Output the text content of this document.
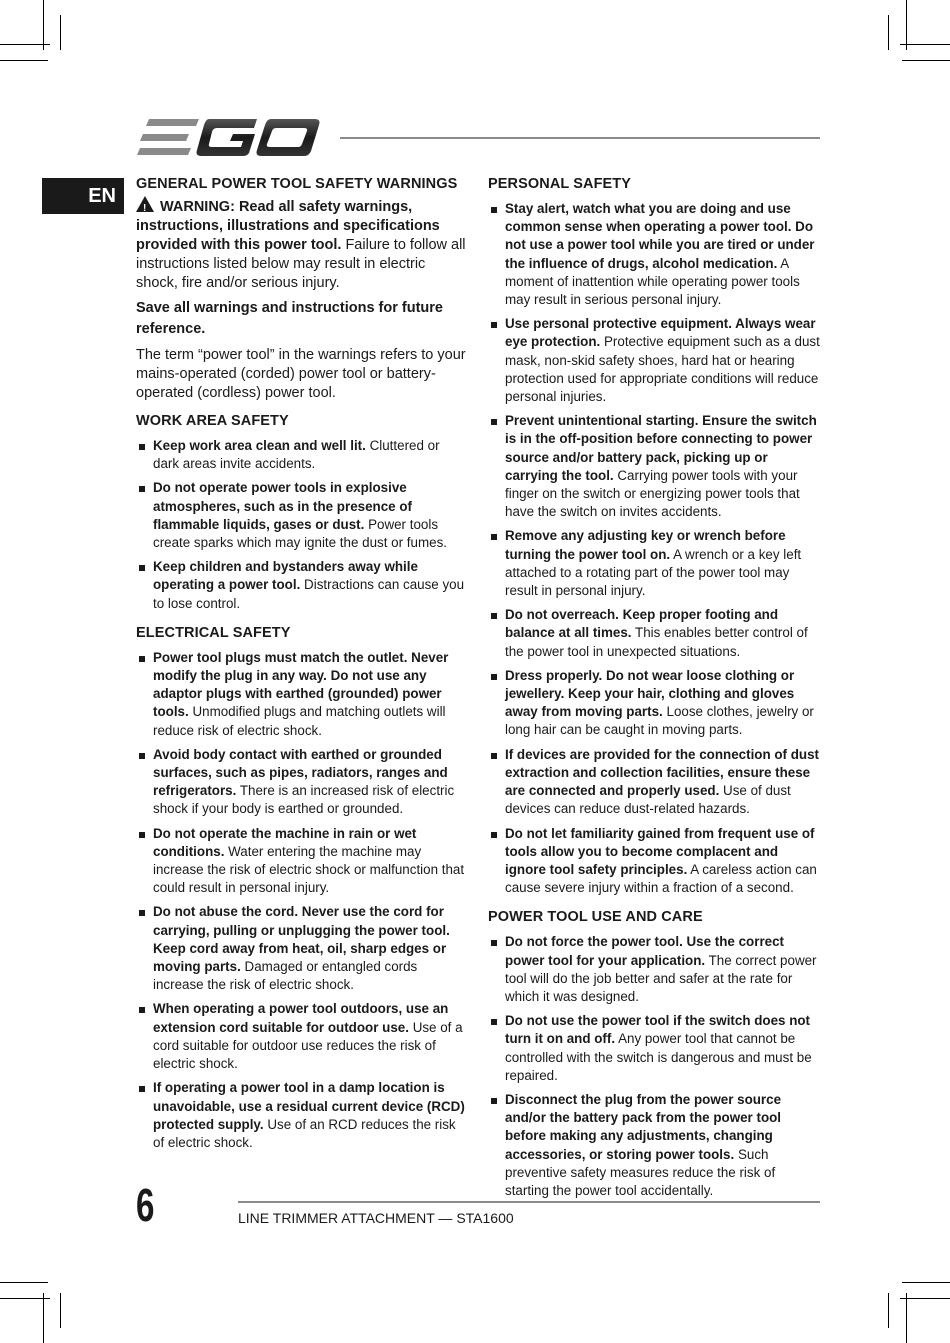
EN
GENERAL POWER TOOL SAFETY WARNINGS

! WARNING: Read all safety warnings, instructions, illustrations and specifications provided with this power tool. Failure to follow all instructions listed below may result in electric shock, fire and/or serious injury.

Save all warnings and instructions for future reference.

The term “power tool” in the warnings refers to your mains-operated (corded) power tool or battery-operated (cordless) power tool.

WORK AREA SAFETY
Keep work area clean and well lit. Cluttered or dark areas invite accidents.
Do not operate power tools in explosive atmospheres, such as in the presence of flammable liquids, gases or dust. Power tools create sparks which may ignite the dust or fumes.
Keep children and bystanders away while operating a power tool. Distractions can cause you to lose control.
ELECTRICAL SAFETY
Power tool plugs must match the outlet. Never modify the plug in any way. Do not use any adaptor plugs with earthed (grounded) power tools. Unmodified plugs and matching outlets will reduce risk of electric shock.
Avoid body contact with earthed or grounded surfaces, such as pipes, radiators, ranges and refrigerators. There is an increased risk of electric shock if your body is earthed or grounded.
Do not operate the machine in rain or wet conditions. Water entering the machine may increase the risk of electric shock or malfunction that could result in personal injury.
Do not abuse the cord. Never use the cord for carrying, pulling or unplugging the power tool. Keep cord away from heat, oil, sharp edges or moving parts. Damaged or entangled cords increase the risk of electric shock.
When operating a power tool outdoors, use an extension cord suitable for outdoor use. Use of a cord suitable for outdoor use reduces the risk of electric shock.
If operating a power tool in a damp location is unavoidable, use a residual current device (RCD) protected supply. Use of an RCD reduces the risk of electric shock.
PERSONAL SAFETY
Stay alert, watch what you are doing and use common sense when operating a power tool. Do not use a power tool while you are tired or under the influence of drugs, alcohol medication. A moment of inattention while operating power tools may result in serious personal injury.
Use personal protective equipment. Always wear eye protection. Protective equipment such as a dust mask, non-skid safety shoes, hard hat or hearing protection used for appropriate conditions will reduce personal injuries.
Prevent unintentional starting. Ensure the switch is in the off-position before connecting to power source and/or battery pack, picking up or carrying the tool. Carrying power tools with your finger on the switch or energizing power tools that have the switch on invites accidents.
Remove any adjusting key or wrench before turning the power tool on. A wrench or a key left attached to a rotating part of the power tool may result in personal injury.
Do not overreach. Keep proper footing and balance at all times. This enables better control of the power tool in unexpected situations.
Dress properly. Do not wear loose clothing or jewellery. Keep your hair, clothing and gloves away from moving parts. Loose clothes, jewelry or long hair can be caught in moving parts.
If devices are provided for the connection of dust extraction and collection facilities, ensure these are connected and properly used. Use of dust devices can reduce dust-related hazards.
Do not let familiarity gained from frequent use of tools allow you to become complacent and ignore tool safety principles. A careless action can cause severe injury within a fraction of a second.
POWER TOOL USE AND CARE
Do not force the power tool. Use the correct power tool for your application. The correct power tool will do the job better and safer at the rate for which it was designed.
Do not use the power tool if the switch does not turn it on and off. Any power tool that cannot be controlled with the switch is dangerous and must be repaired.
Disconnect the plug from the power source and/or the battery pack from the power tool before making any adjustments, changing accessories, or storing power tools. Such preventive safety measures reduce the risk of starting the power tool accidentally.
6	LINE TRIMMER ATTACHMENT — STA1600
